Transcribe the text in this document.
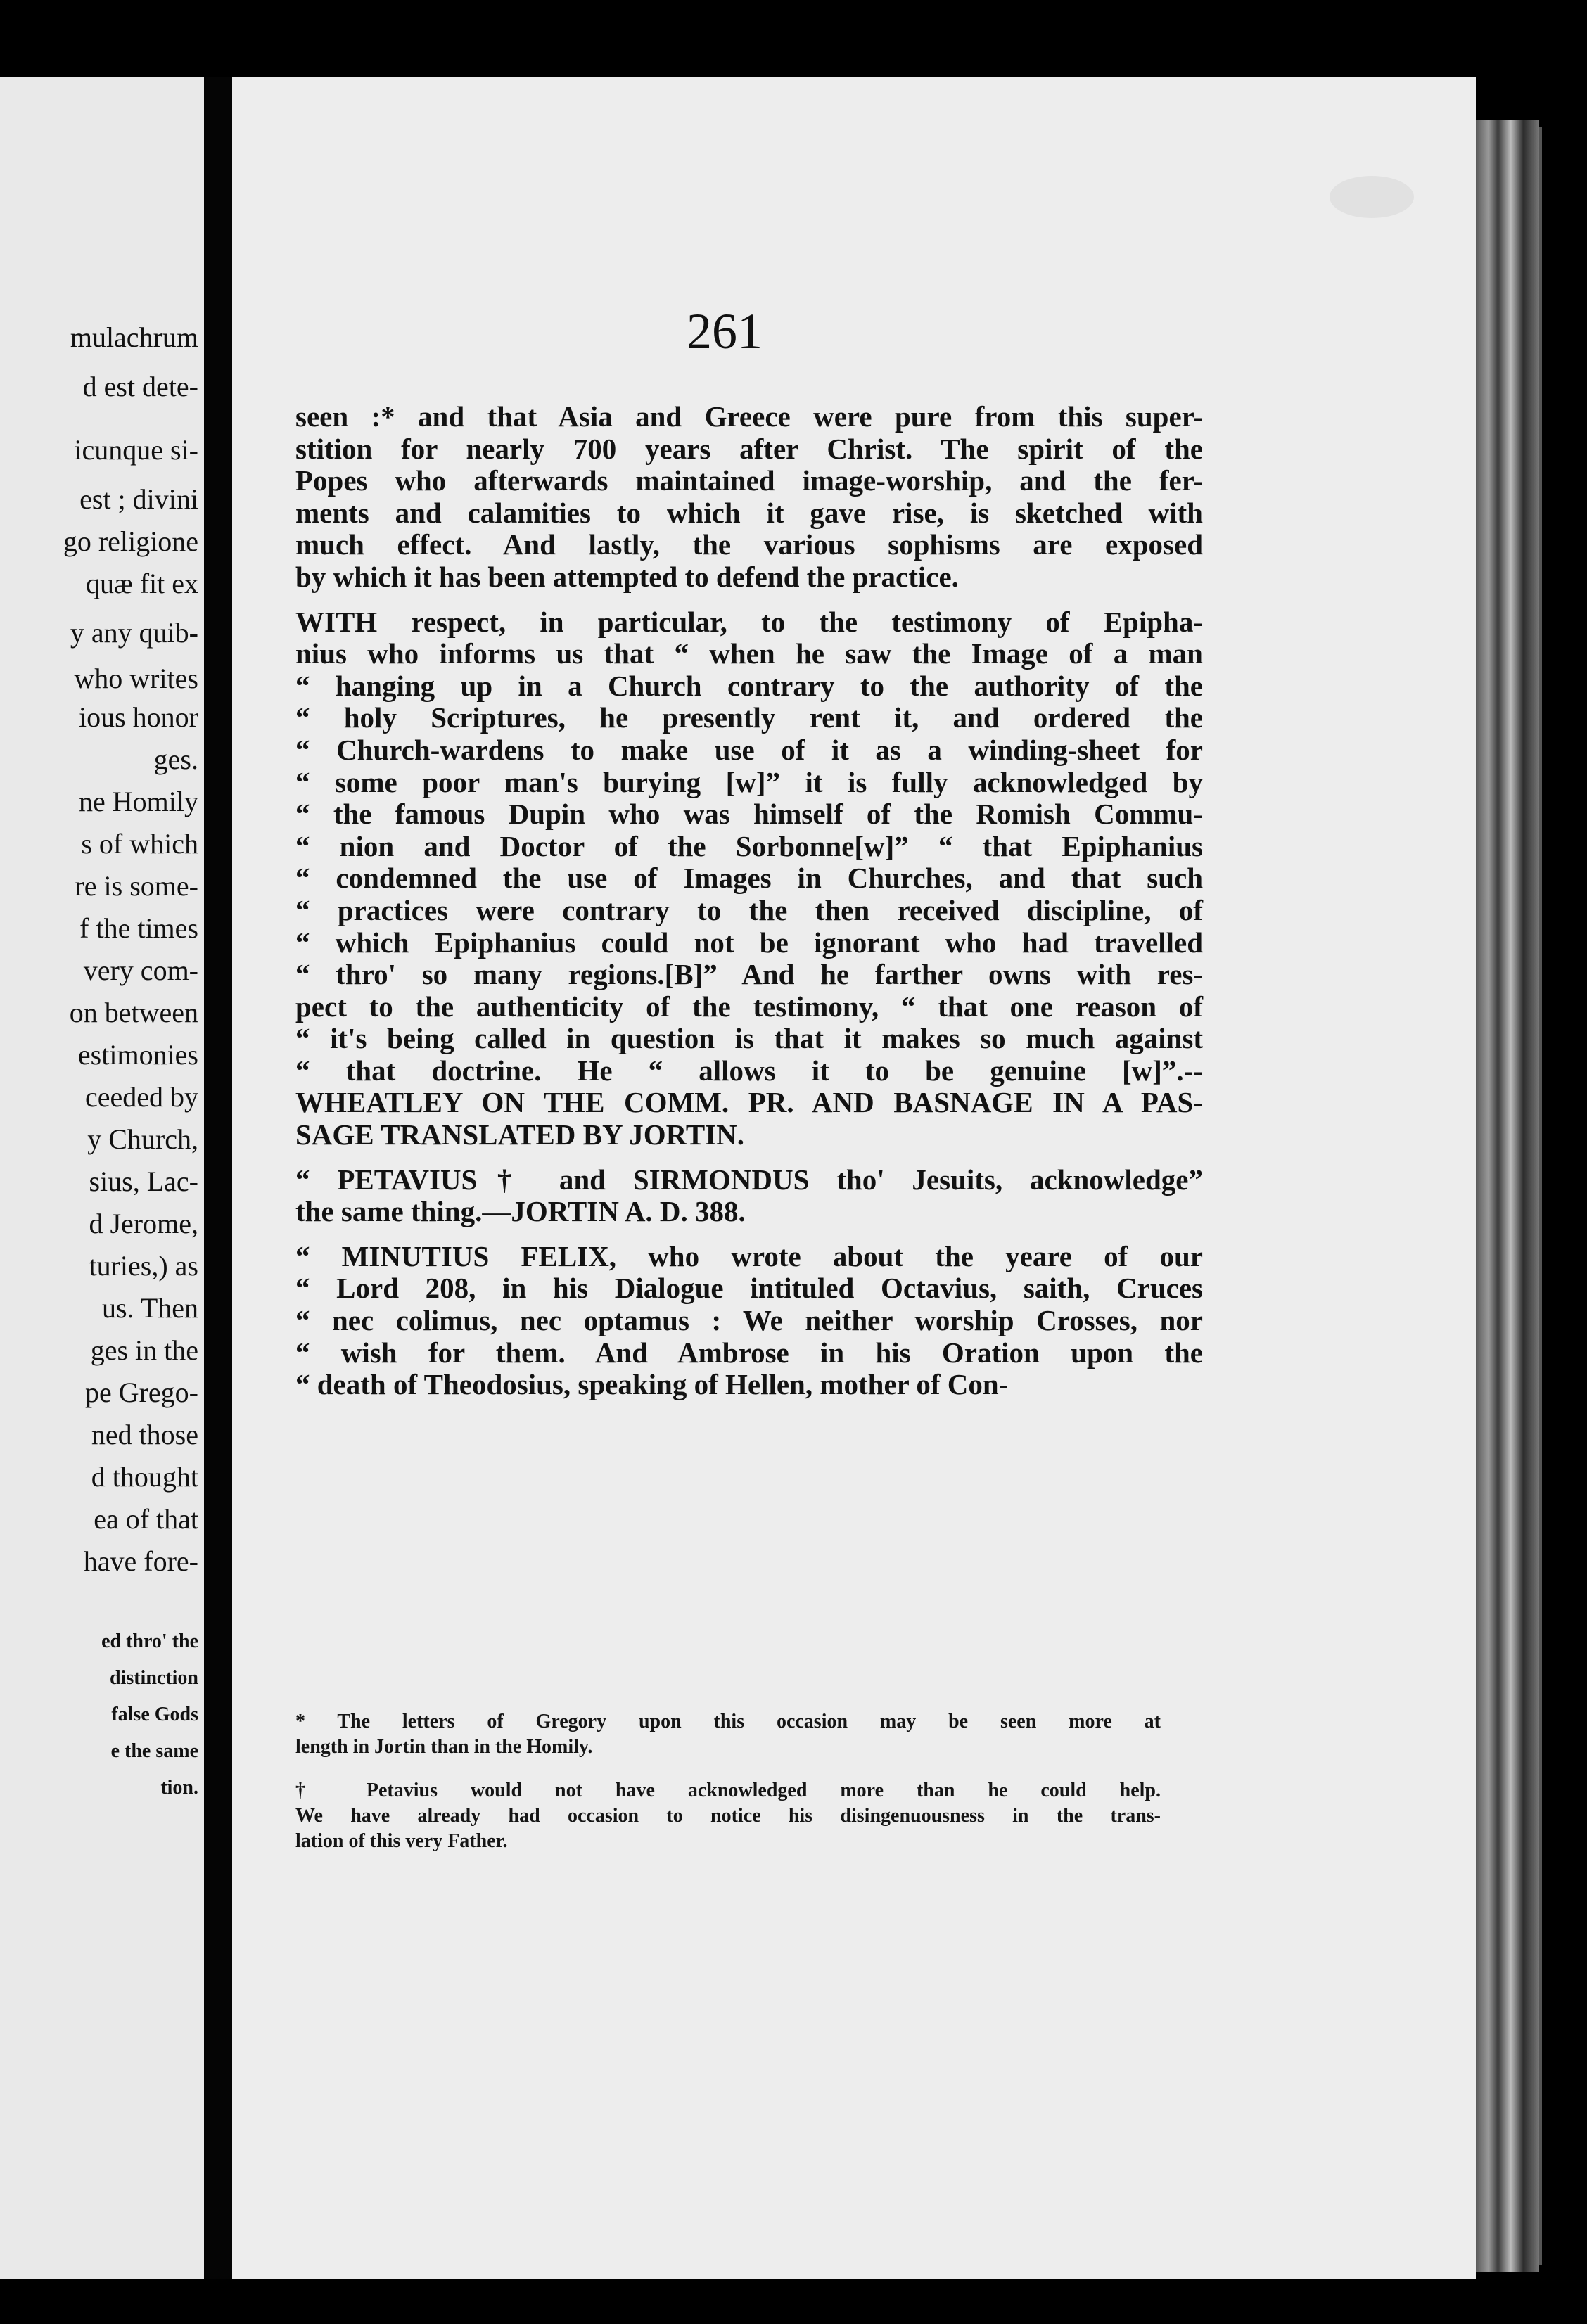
mulachrum
d est dete-
icunque si-
est ; divini
go religione
quæ fit ex
y any quib-
who writes
ious honor
ges.
ne Homily
s of which
re is some-
f the times
very com-
on between
estimonies
ceeded by
y Church,
sius, Lac-
d Jerome,
turies,) as
us. Then
ges in the
pe Grego-
ned those
d thought
ea of that
have fore-
ed thro' the
distinction
false Gods
e the same
tion.
261
seen :* and that Asia and Greece were pure from this super-
stition for nearly 700 years after Christ. The spirit of the
Popes who afterwards maintained image-worship, and the fer-
ments and calamities to which it gave rise, is sketched with
much effect. And lastly, the various sophisms are exposed
by which it has been attempted to defend the practice.
WITH respect, in particular, to the testimony of Epipha-
nius who informs us that “ when he saw the Image of a man
“ hanging up in a Church contrary to the authority of the
“ holy Scriptures, he presently rent it, and ordered the
“ Church-wardens to make use of it as a winding-sheet for
“ some poor man's burying [w]” it is fully acknowledged by
“ the famous Dupin who was himself of the Romish Commu-
“ nion and Doctor of the Sorbonne[w]” “ that Epiphanius
“ condemned the use of Images in Churches, and that such
“ practices were contrary to the then received discipline, of
“ which Epiphanius could not be ignorant who had travelled
“ thro' so many regions.[B]” And he farther owns with res-
pect to the authenticity of the testimony, “ that one reason of
“ it's being called in question is that it makes so much against
“ that doctrine. He “ allows it to be genuine [w]”.--
WHEATLEY ON THE COMM. PR. AND BASNAGE IN A PAS-
SAGE TRANSLATED BY JORTIN.
“ PETAVIUS† and SIRMONDUS tho' Jesuits, acknowledge”
the same thing.—JORTIN A. D. 388.
“ MINUTIUS FELIX, who wrote about the yeare of our
“ Lord 208, in his Dialogue intituled Octavius, saith, Cruces
“ nec colimus, nec optamus : We neither worship Crosses, nor
“ wish for them. And Ambrose in his Oration upon the
“ death of Theodosius, speaking of Hellen, mother of Con-
* The letters of Gregory upon this occasion may be seen more at
length in Jortin than in the Homily.
† Petavius would not have acknowledged more than he could help.
We have already had occasion to notice his disingenuousness in the trans-
lation of this very Father.
